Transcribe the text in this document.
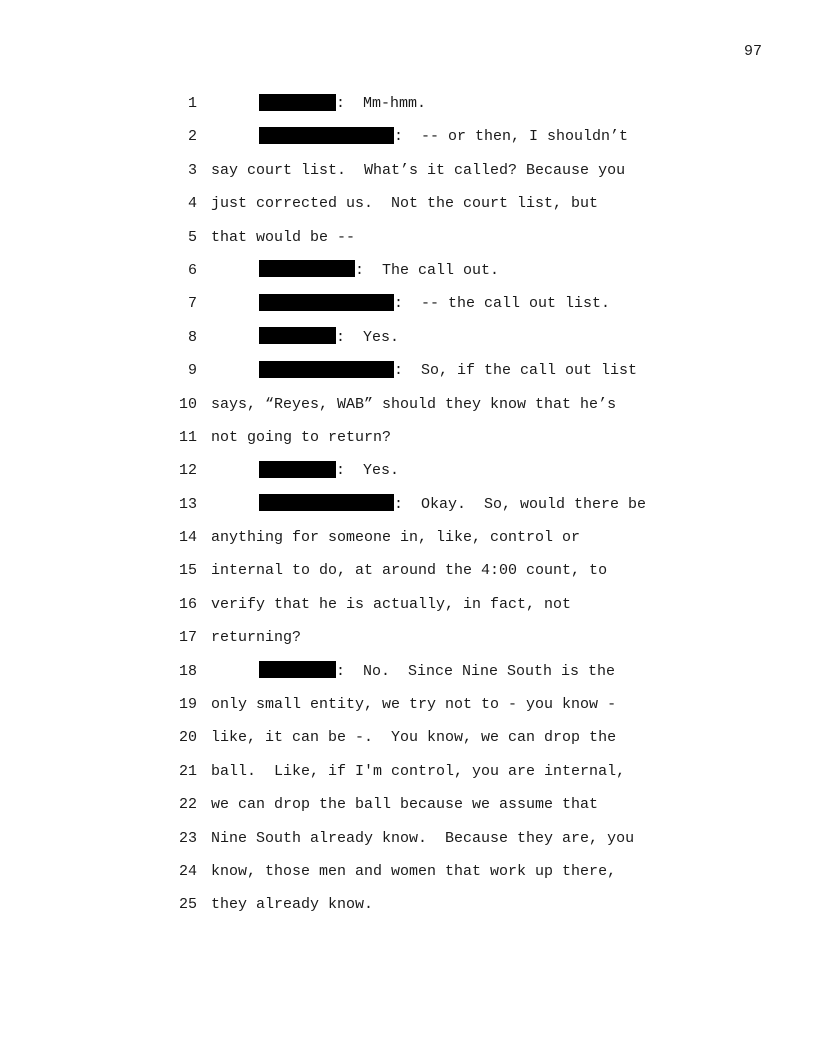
97
1	:  Mm-hmm.
2	:  -- or then, I shouldn’t
3 say court list.  What’s it called? Because you
4 just corrected us.  Not the court list, but
5 that would be --
6	:  The call out.
7	:  -- the call out list.
8	:  Yes.
9	:  So, if the call out list
10 says, “Reyes, WAB” should they know that he’s
11 not going to return?
12	:  Yes.
13	:  Okay.  So, would there be
14 anything for someone in, like, control or
15 internal to do, at around the 4:00 count, to
16 verify that he is actually, in fact, not
17 returning?
18	:  No.  Since Nine South is the
19 only small entity, we try not to - you know -
20 like, it can be -.  You know, we can drop the
21 ball.  Like, if I'm control, you are internal,
22 we can drop the ball because we assume that
23 Nine South already know.  Because they are, you
24 know, those men and women that work up there,
25 they already know.
